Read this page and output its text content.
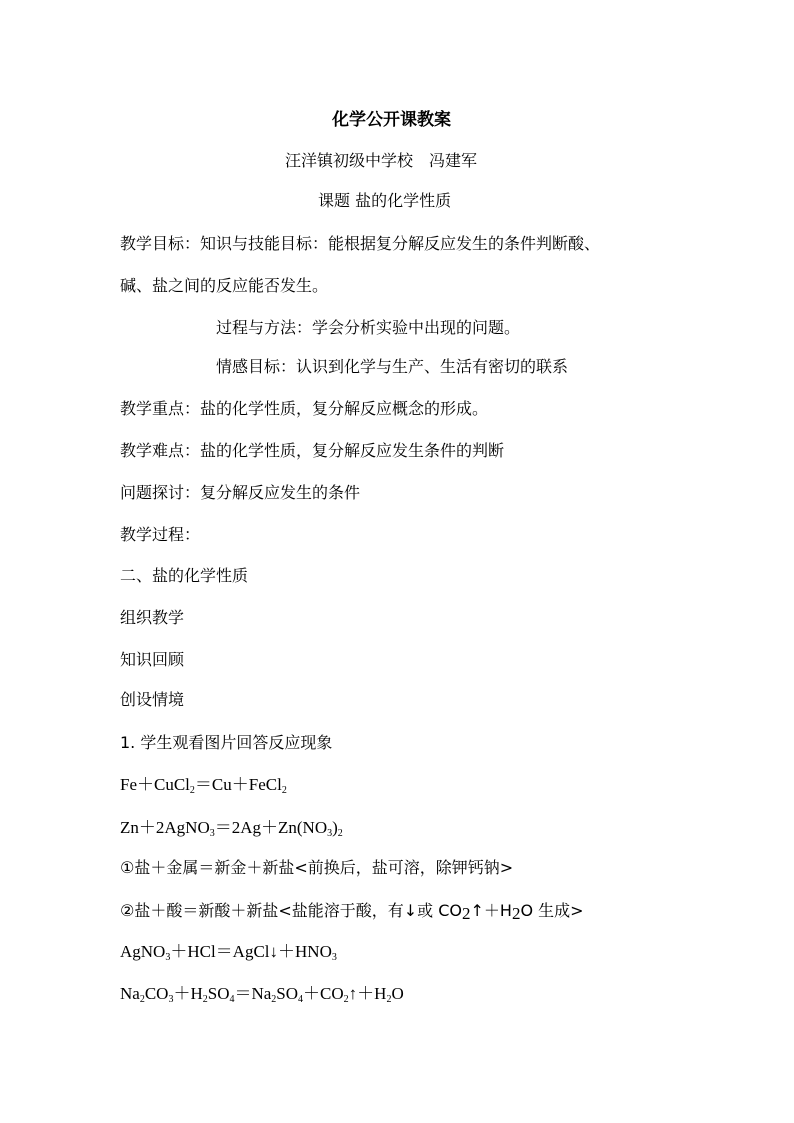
化学公开课教案
汪洋镇初级中学校　冯建军
课题 盐的化学性质
教学目标：知识与技能目标：能根据复分解反应发生的条件判断酸、
碱、盐之间的反应能否发生。
过程与方法：学会分析实验中出现的问题。
情感目标：认识到化学与生产、生活有密切的联系
教学重点：盐的化学性质，复分解反应概念的形成。
教学难点：盐的化学性质，复分解反应发生条件的判断
问题探讨：复分解反应发生的条件
教学过程：
二、盐的化学性质
组织教学
知识回顾
创设情境
1. 学生观看图片回答反应现象
Fe＋CuCl$_2$＝Cu＋FeCl$_2$
$Zn+2AgNO_3=2Ag+Zn(NO_3)_2$
①盐＋金属＝新金＋新盐<前换后，盐可溶，除钾钙钠>
②盐＋酸＝新酸＋新盐<盐能溶于酸，有↓或 $CO_2↑+H_2O$ 生成>
$AgNO_3+HCl=AgCl↓+HNO_3$
$Na_2CO_3+H_2SO_4=Na_2SO_4+CO_2↑+H_2O$
